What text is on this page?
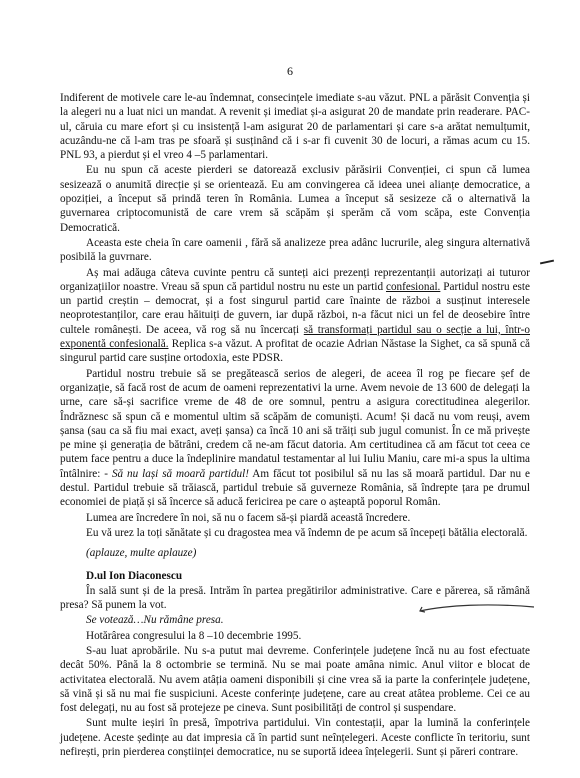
6

Indiferent de motivele care le-au îndemnat, consecințele imediate s-au văzut. PNL a părăsit Convenția și la alegeri nu a luat nici un mandat. A revenit și imediat și-a asigurat 20 de mandate prin readerare. PAC- ul, căruia cu mare efort și cu insistență l-am asigurat 20 de parlamentari și care s-a arătat nemulțumit, acuzându-ne că l-am tras pe sfoară și susținând că i s-ar fi cuvenit 30 de locuri, a rămas acum cu 15. PNL 93, a pierdut și el vreo 4 –5 parlamentari.

Eu nu spun că aceste pierderi se datorează exclusiv părăsirii Convenției, ci spun că lumea sesizează o anumită direcție și se orientează. Eu am convingerea că ideea unei alianțe democratice, a opoziției, a început să prindă teren în România. Lumea a început să sesizeze că o alternativă la guvernarea criptocomunistă de care vrem să scăpăm și sperăm că vom scăpa, este Convenția Democratică.

Aceasta este cheia în care oamenii , fără să analizeze prea adânc lucrurile, aleg singura alternativă posibilă la guvrnare.

Aș mai adăuga câteva cuvinte pentru că sunteți aici prezenți reprezentanții autorizați ai tuturor organizațiilor noastre. Vreau să spun că partidul nostru nu este un partid confesional. Partidul nostru este un partid creștin – democrat, și a fost singurul partid care înainte de război a susținut interesele neoprotestanților, care erau hăituiți de guvern, iar după război, n-a făcut nici un fel de deosebire între cultele românești. De aceea, vă rog să nu încercați să transformați partidul sau o secție a lui, într-o exponentă confesională. Replica s-a văzut. A profitat de ocazie Adrian Năstase la Sighet, ca să spună că singurul partid care susține ortodoxia, este PDSR.

Partidul nostru trebuie să se pregătească serios de alegeri, de aceea îl rog pe fiecare șef de organizație, să facă rost de acum de oameni reprezentativi la urne. Avem nevoie de 13 600 de delegați la urne, care să-și sacrifice vreme de 48 de ore somnul, pentru a asigura corectitudinea alegerilor. Îndrăznesc să spun că e momentul ultim să scăpăm de comuniști. Acum! Și dacă nu vom reuși, avem șansa (sau ca să fiu mai exact, aveți șansa) ca încă 10 ani să trăiți sub jugul comunist. În ce mă privește pe mine și generația de bătrâni, credem că ne-am făcut datoria. Am certitudinea că am făcut tot ceea ce putem face pentru a duce la îndeplinire mandatul testamentar al lui Iuliu Maniu, care mi-a spus la ultima întâlnire: - Să nu lași să moară partidul! Am făcut tot posibilul să nu las să moară partidul. Dar nu e destul. Partidul trebuie să trăiască, partidul trebuie să guverneze România, să îndrepte țara pe drumul economiei de piață și să încerce să aducă fericirea pe care o așteaptă poporul Român.

Lumea are încredere în noi, să nu o facem să-și piardă această încredere.

Eu vă urez la toți sănătate și cu dragostea mea vă îndemn de pe acum să începeți bătălia electorală.

(aplauze, multe aplauze)

D.ul Ion Diaconescu

În sală sunt și de la presă. Intrăm în partea pregătirilor administrative. Care e părerea, să rămână presa? Să punem la vot.

Se votează…Nu rămâne presa.

Hotărârea congresului la 8 –10 decembrie 1995.

S-au luat aprobările. Nu s-a putut mai devreme. Conferințele județene încă nu au fost efectuate decât 50%. Până la 8 octombrie se termină. Nu se mai poate amâna nimic. Anul viitor e blocat de activitatea electorală. Nu avem atâția oameni disponibili și cine vrea să ia parte la conferințele județene, să vină și să nu mai fie suspiciuni. Aceste conferințe județene, care au creat atâtea probleme. Cei ce au fost delegați, nu au fost să protejeze pe cineva. Sunt posibilități de control și suspendare.

Sunt multe ieșiri în presă, împotriva partidului. Vin contestații, apar la lumină la conferințele județene. Aceste ședințe au dat impresia că în partid sunt neînțelegeri. Aceste conflicte în teritoriu, sunt nefirești, prin pierderea conștiinței democratice, nu se suportă ideea înțelegerii. Sunt și păreri contrare.
